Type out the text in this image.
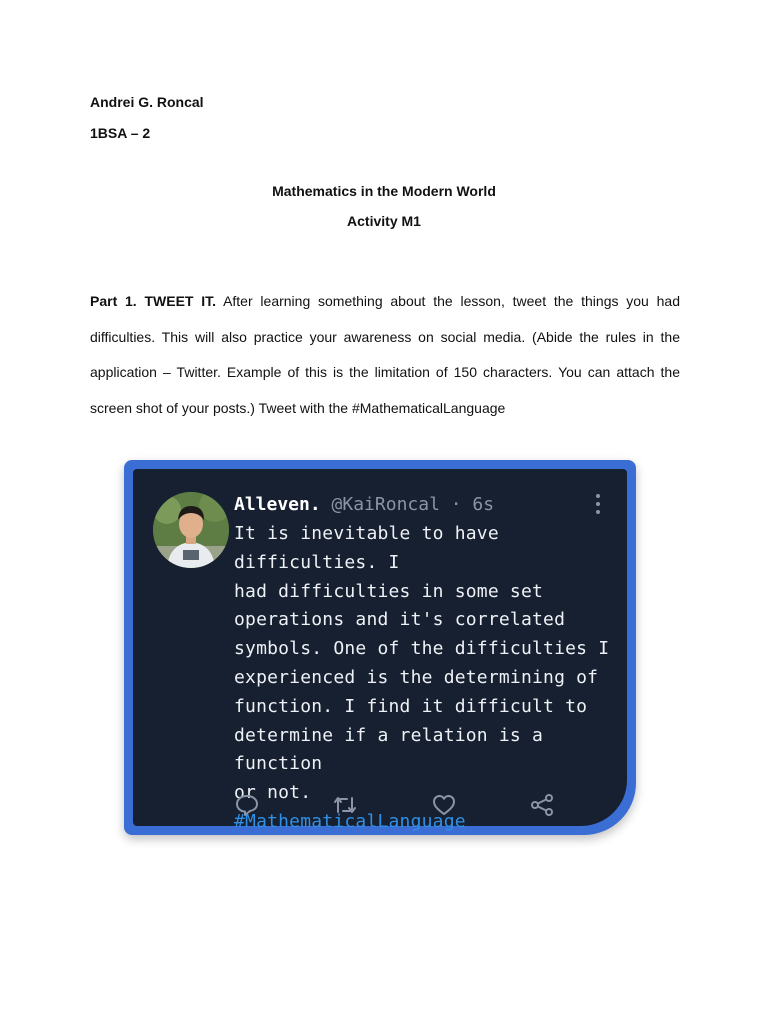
Andrei G. Roncal
1BSA – 2
Mathematics in the Modern World
Activity M1

Part 1. TWEET IT. After learning something about the lesson, tweet the things you had difficulties. This will also practice your awareness on social media. (Abide the rules in the application – Twitter. Example of this is the limitation of 150 characters. You can attach the screen shot of your posts.) Tweet with the #MathematicalLanguage

Alleven. @KaiRoncal · 6s
It is inevitable to have difficulties. I
had difficulties in some set
operations and it's correlated
symbols. One of the difficulties I
experienced is the determining of
function. I find it difficult to
determine if a relation is a function
or not.
#MathematicalLanguage
